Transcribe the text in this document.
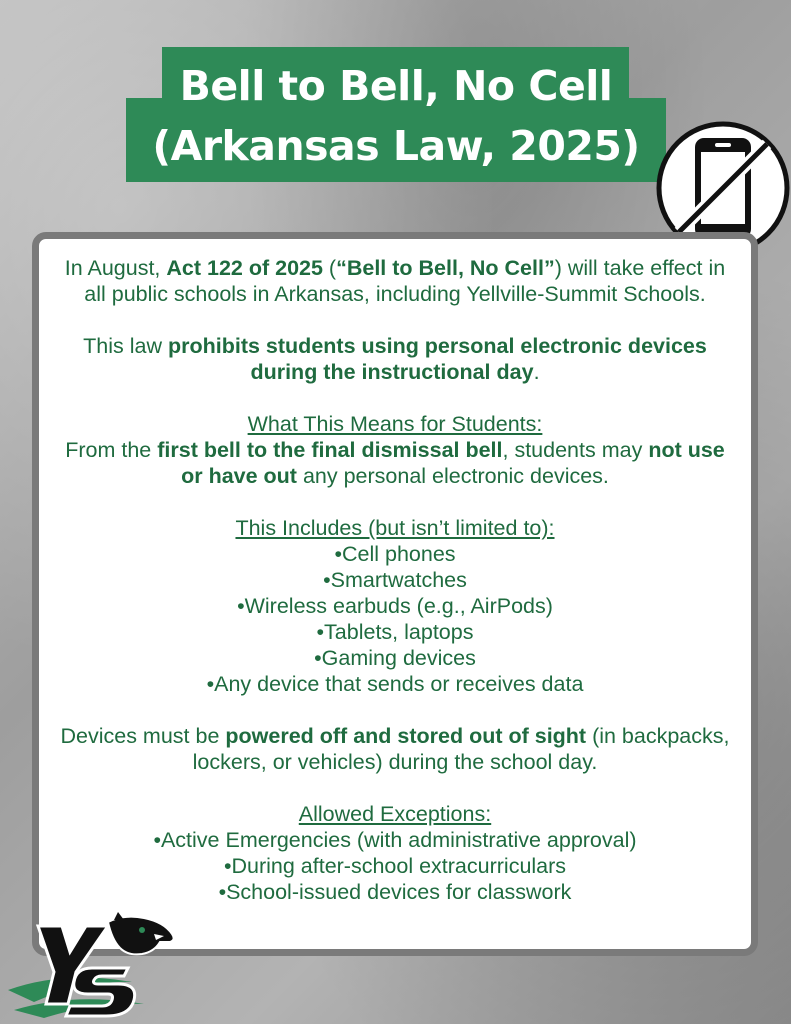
Bell to Bell, No Cell
(Arkansas Law, 2025)

In August, Act 122 of 2025 (“Bell to Bell, No Cell”) will take effect in all public schools in Arkansas, including Yellville-Summit Schools.

This law prohibits students using personal electronic devices during the instructional day.

What This Means for Students:

From the first bell to the final dismissal bell, students may not use or have out any personal electronic devices.

This Includes (but isn’t limited to):

•Cell phones

•Smartwatches

•Wireless earbuds (e.g., AirPods)

•Tablets, laptops

•Gaming devices

•Any device that sends or receives data

Devices must be powered off and stored out of sight (in backpacks, lockers, or vehicles) during the school day.

Allowed Exceptions:

•Active Emergencies (with administrative approval)

•During after-school extracurriculars

•School-issued devices for classwork
